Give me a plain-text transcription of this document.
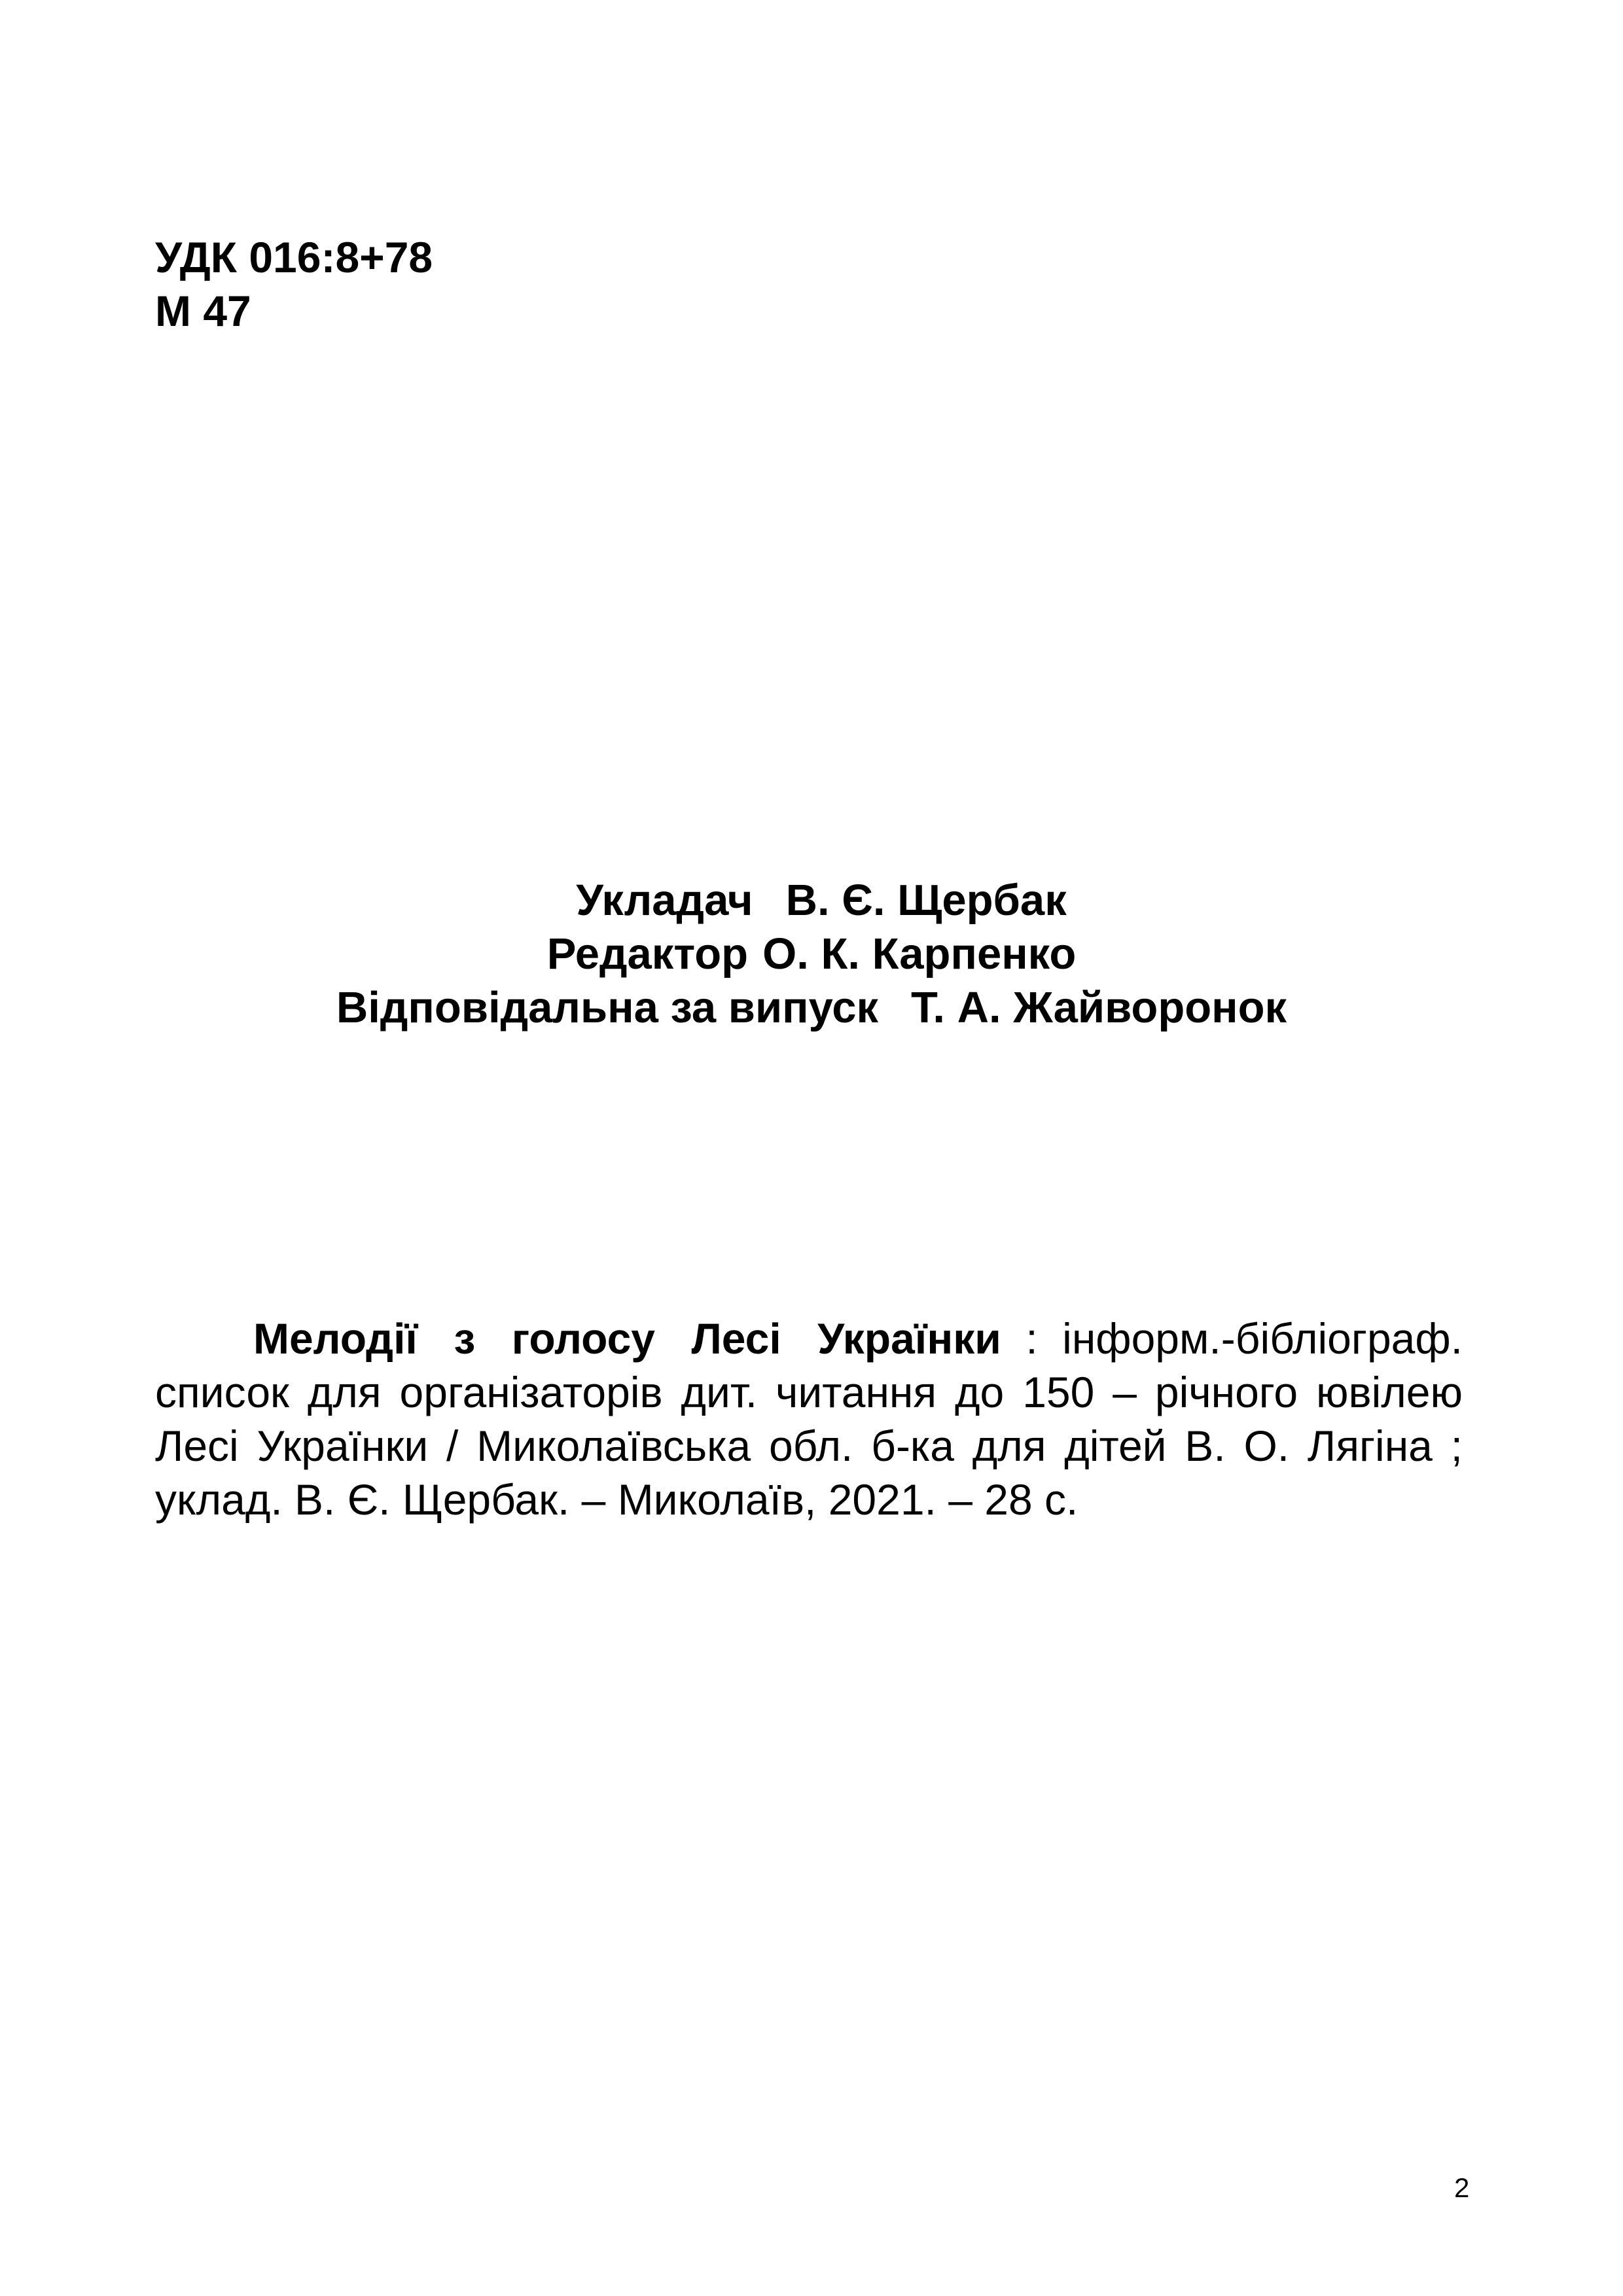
УДК 016:8+78
М 47
Укладач В. Є. Щербак
Редактор О. К. Карпенко
Відповідальна за випуск Т. А. Жайворонок
Мелодії з голосу Лесі Українки : інформ.-бібліограф. список для організаторів дит. читання до 150 – річного ювілею Лесі Українки / Миколаївська обл. б-ка для дітей В. О. Лягіна ; уклад. В. Є. Щербак. – Миколаїв, 2021. – 28 с.
2
